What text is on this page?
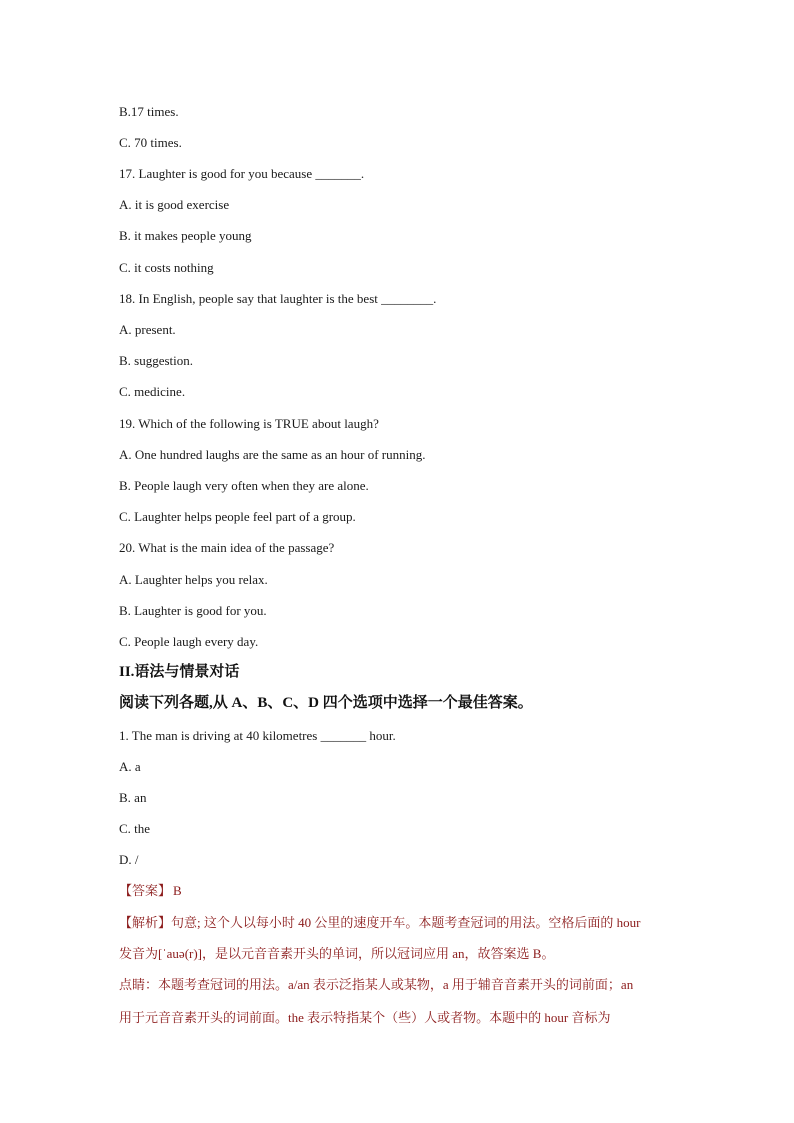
B.17 times.
C. 70 times.
17. Laughter is good for you because _______.
A. it is good exercise
B. it makes people young
C. it costs nothing
18. In English, people say that laughter is the best ________.
A. present.
B. suggestion.
C. medicine.
19. Which of the following is TRUE about laugh?
A. One hundred laughs are the same as an hour of running.
B. People laugh very often when they are alone.
C. Laughter helps people feel part of a group.
20. What is the main idea of the passage?
A. Laughter helps you relax.
B. Laughter is good for you.
C. People laugh every day.
II.语法与情景对话
阅读下列各题,从 A、B、C、D 四个选项中选择一个最佳答案。
1. The man is driving at 40 kilometres _______ hour.
A. a
B. an
C. the
D. /
【答案】 B
【解析】句意; 这个人以每小时 40 公里的速度开车。本题考查冠词的用法。空格后面的 hour
发音为[ˈauə(r)]，是以元音音素开头的单词，所以冠词应用 an，故答案选 B。
点睛：本题考查冠词的用法。a/an 表示泛指某人或某物，a 用于辅音音素开头的词前面；an
用于元音音素开头的词前面。the 表示特指某个（些）人或者物。本题中的 hour 音标为
